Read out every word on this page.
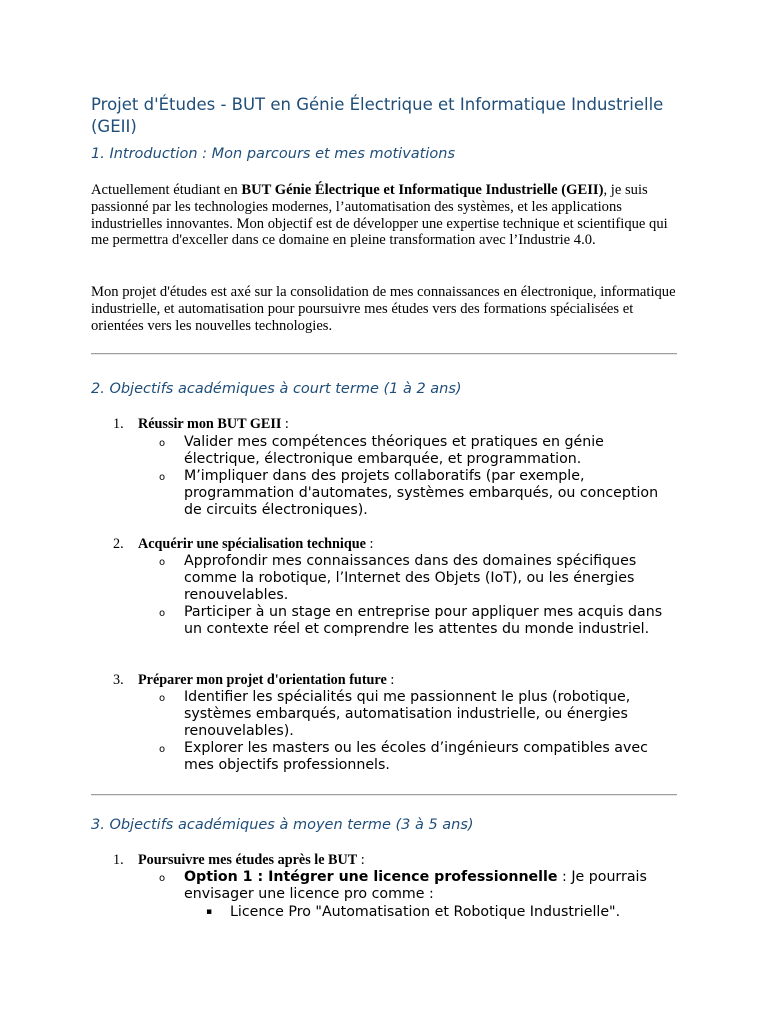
Projet d'Études - BUT en Génie Électrique et Informatique Industrielle (GEII)
1. Introduction : Mon parcours et mes motivations

Actuellement étudiant en BUT Génie Électrique et Informatique Industrielle (GEII), je suis passionné par les technologies modernes, l’automatisation des systèmes, et les applications industrielles innovantes. Mon objectif est de développer une expertise technique et scientifique qui me permettra d'exceller dans ce domaine en pleine transformation avec l’Industrie 4.0.

Mon projet d'études est axé sur la consolidation de mes connaissances en électronique, informatique industrielle, et automatisation pour poursuivre mes études vers des formations spécialisées et orientées vers les nouvelles technologies.

2. Objectifs académiques à court terme (1 à 2 ans)
1. Réussir mon BUT GEII :
o Valider mes compétences théoriques et pratiques en génie électrique, électronique embarquée, et programmation.
o M’impliquer dans des projets collaboratifs (par exemple, programmation d'automates, systèmes embarqués, ou conception de circuits électroniques).
2. Acquérir une spécialisation technique :
o Approfondir mes connaissances dans des domaines spécifiques comme la robotique, l’Internet des Objets (IoT), ou les énergies renouvelables.
o Participer à un stage en entreprise pour appliquer mes acquis dans un contexte réel et comprendre les attentes du monde industriel.
3. Préparer mon projet d'orientation future :
o Identifier les spécialités qui me passionnent le plus (robotique, systèmes embarqués, automatisation industrielle, ou énergies renouvelables).
o Explorer les masters ou les écoles d’ingénieurs compatibles avec mes objectifs professionnels.
3. Objectifs académiques à moyen terme (3 à 5 ans)
1. Poursuivre mes études après le BUT :
o Option 1 : Intégrer une licence professionnelle : Je pourrais envisager une licence pro comme :
▪ Licence Pro "Automatisation et Robotique Industrielle".
